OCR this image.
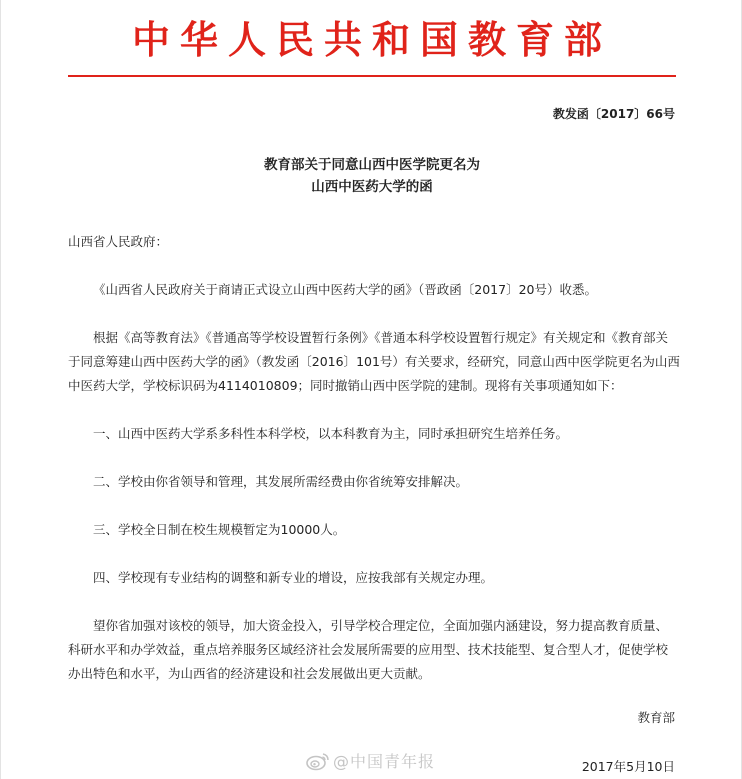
中华人民共和国教育部
教发函〔2017〕66号
教育部关于同意山西中医学院更名为
山西中医药大学的函

山西省人民政府：

《山西省人民政府关于商请正式设立山西中医药大学的函》（晋政函〔2017〕20号）收悉。

根据《高等教育法》《普通高等学校设置暂行条例》《普通本科学校设置暂行规定》有关规定和《教育部关于同意筹建山西中医药大学的函》（教发函〔2016〕101号）有关要求，经研究，同意山西中医学院更名为山西中医药大学，学校标识码为4114010809；同时撤销山西中医学院的建制。现将有关事项通知如下：

一、山西中医药大学系多科性本科学校，以本科教育为主，同时承担研究生培养任务。

二、学校由你省领导和管理，其发展所需经费由你省统筹安排解决。

三、学校全日制在校生规模暂定为10000人。

四、学校现有专业结构的调整和新专业的增设，应按我部有关规定办理。

望你省加强对该校的领导，加大资金投入，引导学校合理定位，全面加强内涵建设，努力提高教育质量、科研水平和办学效益，重点培养服务区域经济社会发展所需要的应用型、技术技能型、复合型人才，促使学校办出特色和水平，为山西省的经济建设和社会发展做出更大贡献。

教育部
@中国青年报	2017年5月10日
